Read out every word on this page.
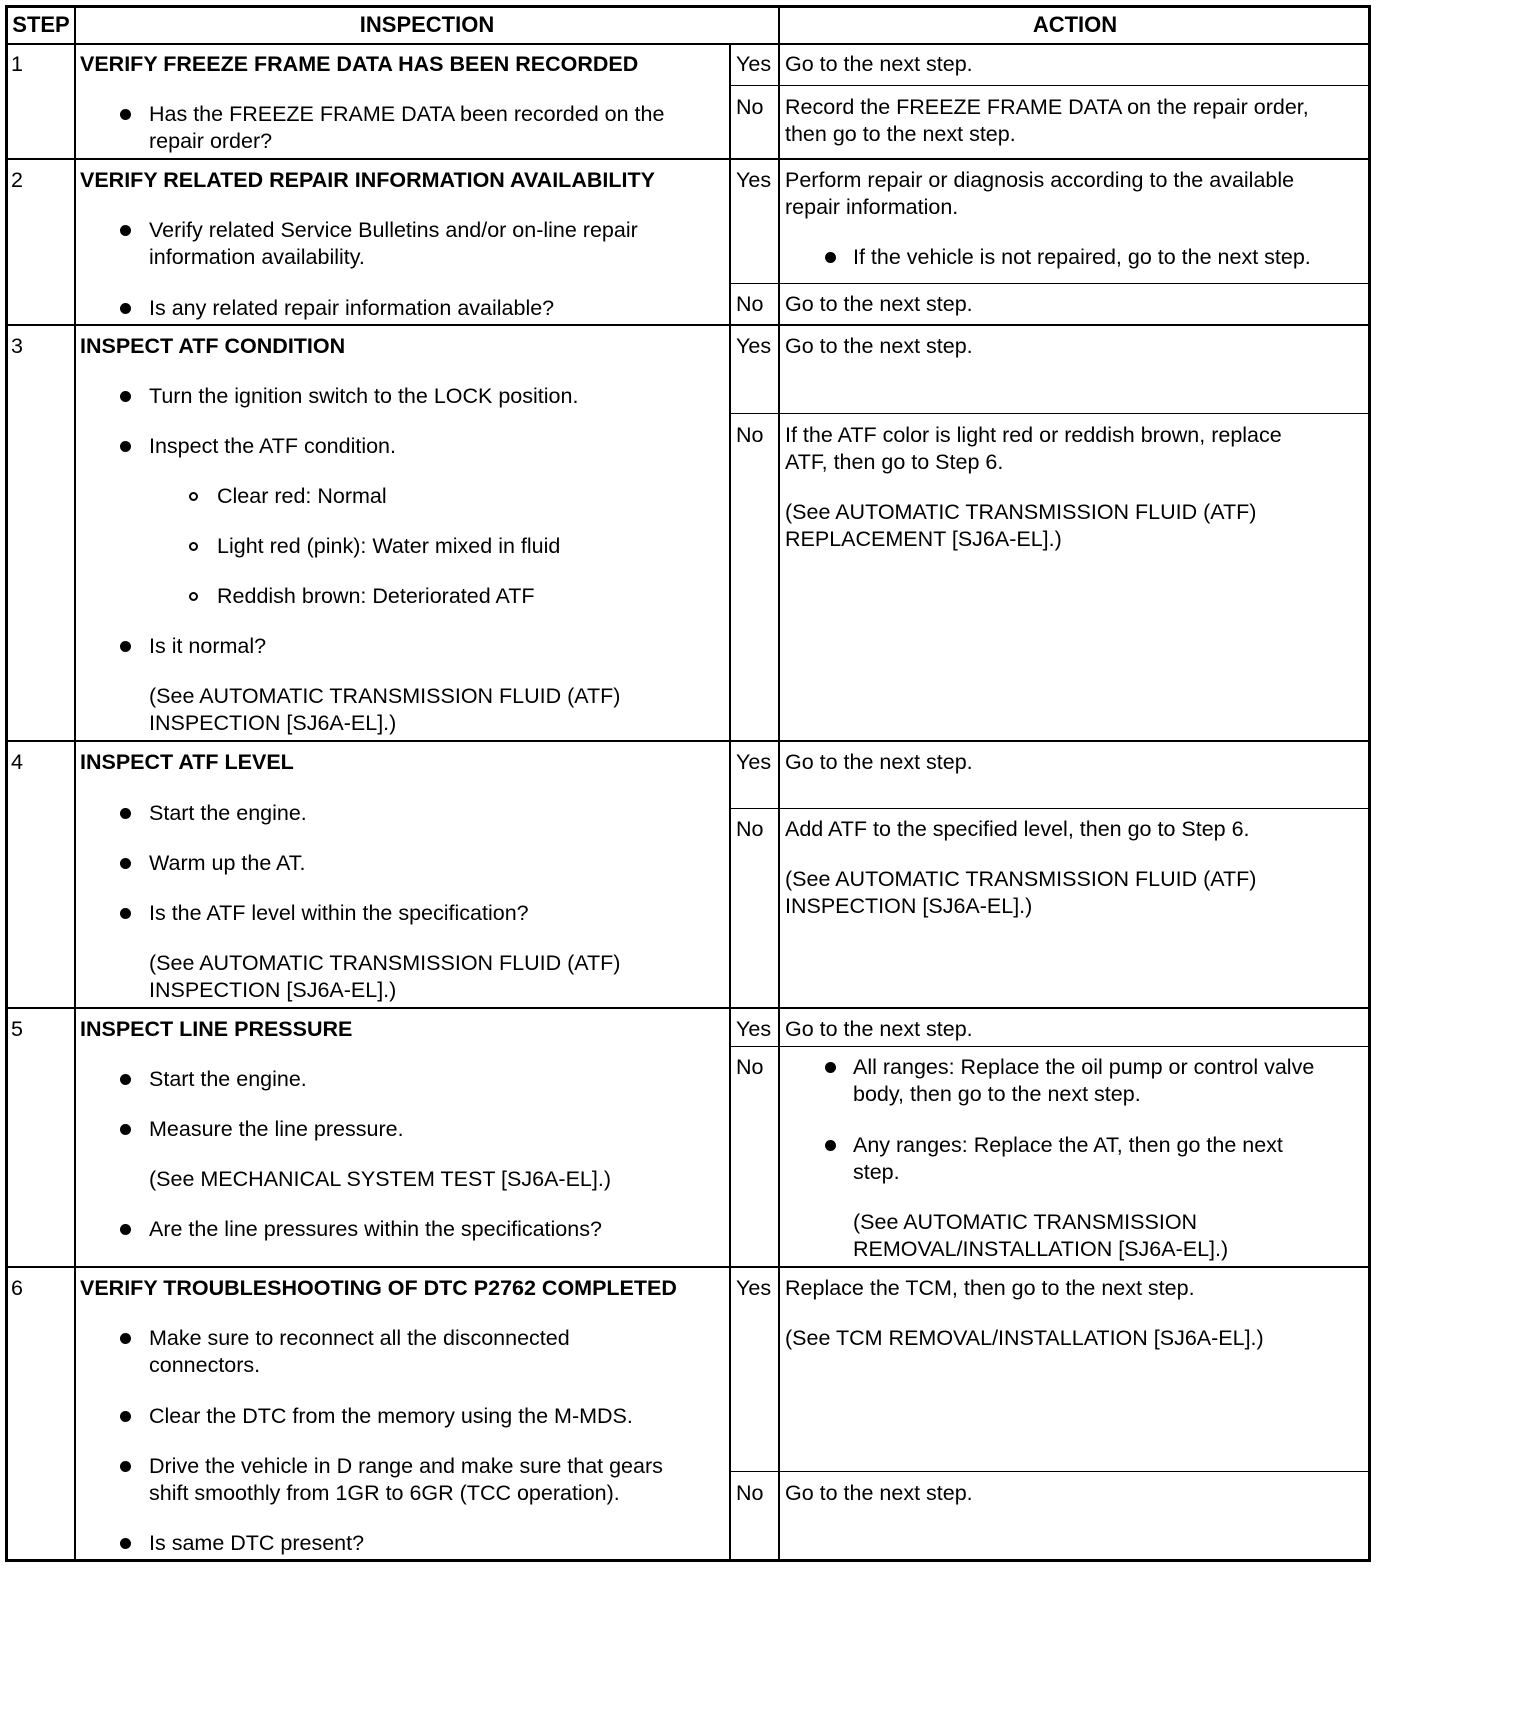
STEP	INSPECTION	ACTION
1	VERIFY FREEZE FRAME DATA HAS BEEN RECORDED
Has the FREEZE FRAME DATA been recorded on the
repair order?
Yes Go to the next step.
No Record the FREEZE FRAME DATA on the repair order,
then go to the next step.
2	VERIFY RELATED REPAIR INFORMATION AVAILABILITY
Verify related Service Bulletins and/or on-line repair
information availability.
Is any related repair information available?
Yes Perform repair or diagnosis according to the available
repair information.
If the vehicle is not repaired, go to the next step.
No Go to the next step.
3	INSPECT ATF CONDITION
Turn the ignition switch to the LOCK position.
Inspect the ATF condition.
Clear red: Normal
Light red (pink): Water mixed in fluid
Reddish brown: Deteriorated ATF
Is it normal?
(See AUTOMATIC TRANSMISSION FLUID (ATF)
INSPECTION [SJ6A-EL].)
Yes Go to the next step.
No If the ATF color is light red or reddish brown, replace
ATF, then go to Step 6.
(See AUTOMATIC TRANSMISSION FLUID (ATF)
REPLACEMENT [SJ6A-EL].)
4	INSPECT ATF LEVEL
Start the engine.
Warm up the AT.
Is the ATF level within the specification?
(See AUTOMATIC TRANSMISSION FLUID (ATF)
INSPECTION [SJ6A-EL].)
Yes Go to the next step.
No Add ATF to the specified level, then go to Step 6.
(See AUTOMATIC TRANSMISSION FLUID (ATF)
INSPECTION [SJ6A-EL].)
5	INSPECT LINE PRESSURE
Start the engine.
Measure the line pressure.
(See MECHANICAL SYSTEM TEST [SJ6A-EL].)
Are the line pressures within the specifications?
Yes Go to the next step.
No	All ranges: Replace the oil pump or control valve
body, then go to the next step.
Any ranges: Replace the AT, then go the next
step.
(See AUTOMATIC TRANSMISSION
REMOVAL/INSTALLATION [SJ6A-EL].)
6	VERIFY TROUBLESHOOTING OF DTC P2762 COMPLETED
Make sure to reconnect all the disconnected
connectors.
Clear the DTC from the memory using the M-MDS.
Drive the vehicle in D range and make sure that gears
shift smoothly from 1GR to 6GR (TCC operation).
Is same DTC present?
Yes Replace the TCM, then go to the next step.
(See TCM REMOVAL/INSTALLATION [SJ6A-EL].)
No Go to the next step.
